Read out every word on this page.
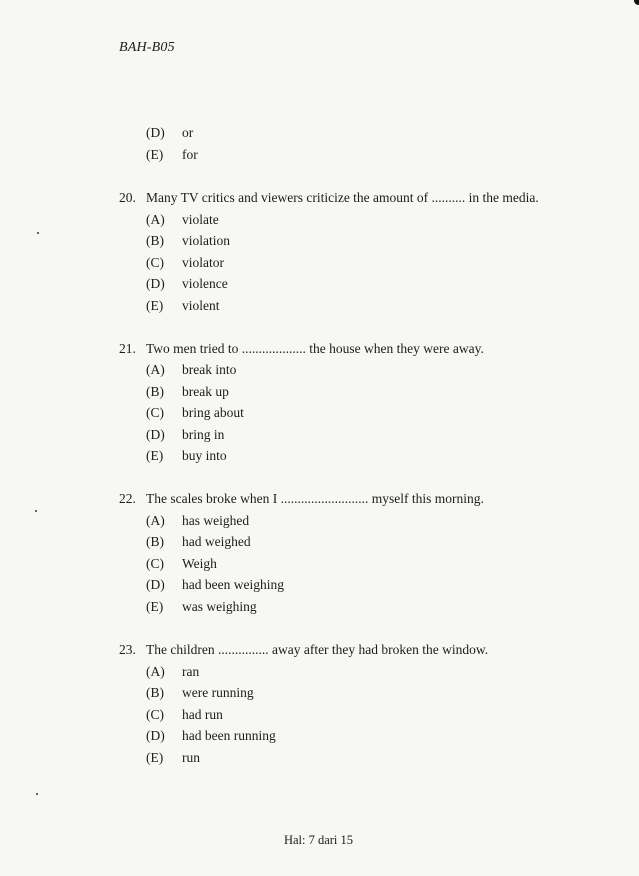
BAH-B05
(D)	or
(E)	for
20. Many TV critics and viewers criticize the amount of .......... in the media.
(A)	violate
(B)	violation
(C)	violator
(D)	violence
(E)	violent
21. Two men tried to ................... the house when they were away.
(A)	break into
(B)	break up
(C)	bring about
(D)	bring in
(E)	buy into
22. The scales broke when I .......................... myself this morning.
(A)	has weighed
(B)	had weighed
(C)	Weigh
(D)	had been weighing
(E)	was weighing
23. The children ............... away after they had broken the window.
(A)	ran
(B)	were running
(C)	had run
(D)	had been running
(E)	run
Hal: 7 dari 15
